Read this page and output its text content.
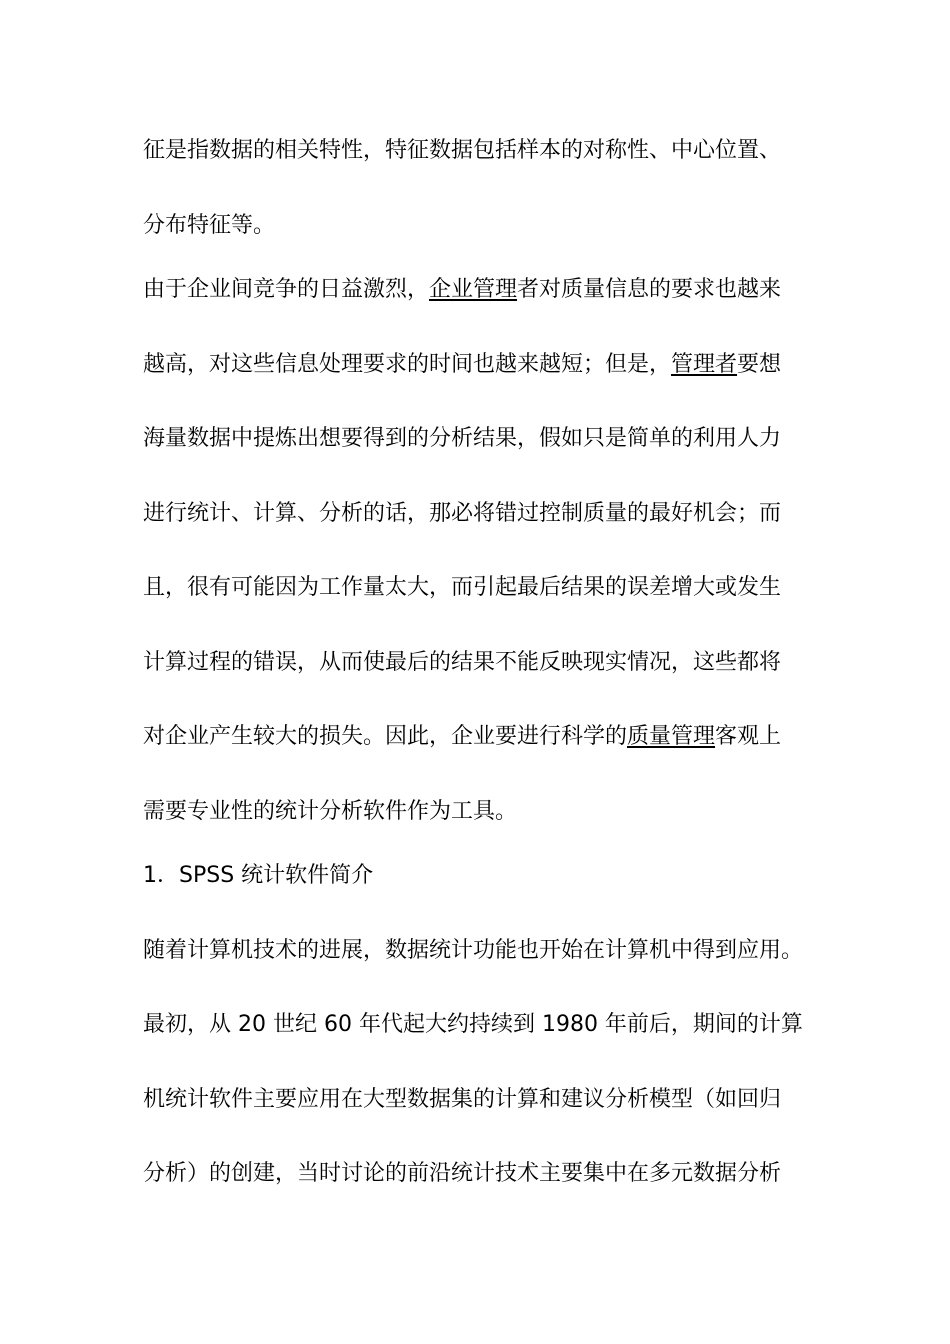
征是指数据的相关特性，特征数据包括样本的对称性、中心位置、
分布特征等。
由于企业间竞争的日益激烈，企业管理者对质量信息的要求也越来
越高，对这些信息处理要求的时间也越来越短；但是，管理者要想
海量数据中提炼出想要得到的分析结果，假如只是简单的利用人力
进行统计、计算、分析的话，那必将错过控制质量的最好机会；而
且，很有可能因为工作量太大，而引起最后结果的误差增大或发生
计算过程的错误，从而使最后的结果不能反映现实情况，这些都将
对企业产生较大的损失。因此，企业要进行科学的质量管理客观上
需要专业性的统计分析软件作为工具。
1．SPSS 统计软件简介
随着计算机技术的进展，数据统计功能也开始在计算机中得到应用。
最初，从 20 世纪 60 年代起大约持续到 1980 年前后，期间的计算
机统计软件主要应用在大型数据集的计算和建议分析模型（如回归
分析）的创建，当时讨论的前沿统计技术主要集中在多元数据分析
